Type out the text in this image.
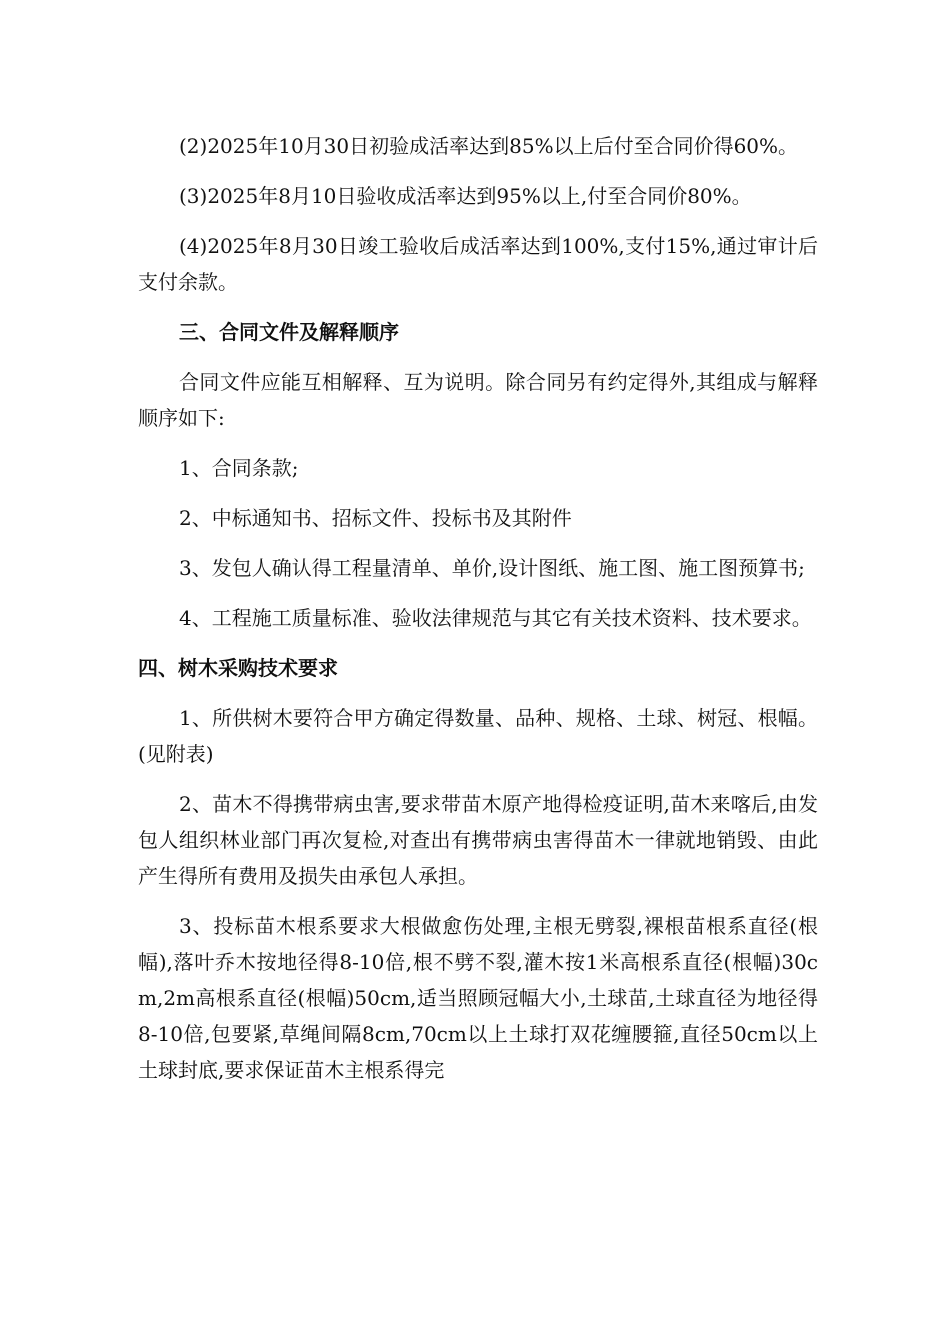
(2)2025年10月30日初验成活率达到85%以上后付至合同价得60%。

(3)2025年8月10日验收成活率达到95%以上,付至合同价80%。

(4)2025年8月30日竣工验收后成活率达到100%,支付15%,通过审计后支付余款。

三、合同文件及解释顺序

合同文件应能互相解释、互为说明。除合同另有约定得外,其组成与解释顺序如下:

1、合同条款;

2、中标通知书、招标文件、投标书及其附件

3、发包人确认得工程量清单、单价,设计图纸、施工图、施工图预算书;

4、工程施工质量标准、验收法律规范与其它有关技术资料、技术要求。

四、树木采购技术要求

1、所供树木要符合甲方确定得数量、品种、规格、土球、树冠、根幅。(见附表)

2、苗木不得携带病虫害,要求带苗木原产地得检疫证明,苗木来喀后,由发包人组织林业部门再次复检,对查出有携带病虫害得苗木一律就地销毁、由此产生得所有费用及损失由承包人承担。

3、投标苗木根系要求大根做愈伤处理,主根无劈裂,裸根苗根系直径(根幅),落叶乔木按地径得8-10倍,根不劈不裂,灌木按1米高根系直径(根幅)30cm,2m高根系直径(根幅)50cm,适当照顾冠幅大小,土球苗,土球直径为地径得8-10倍,包要紧,草绳间隔8cm,70cm以上土球打双花缠腰箍,直径50cm以上土球封底,要求保证苗木主根系得完
